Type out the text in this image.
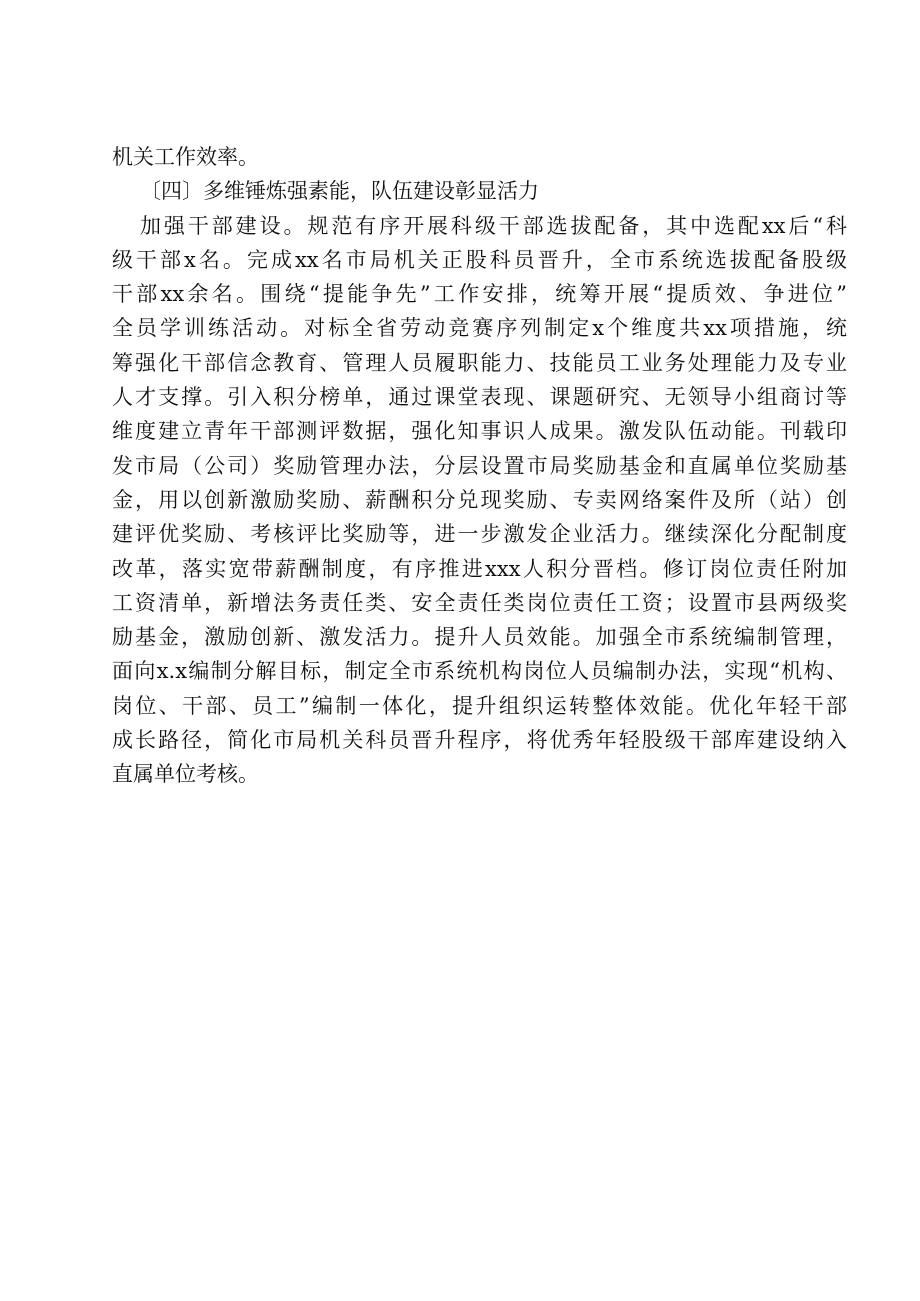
机关工作效率。
〔四〕多维锤炼强素能，队伍建设彰显活力
加强干部建设。规范有序开展科级干部选拔配备，其中选配xx后“科
级干部x名。完成xx名市局机关正股科员晋升，全市系统选拔配备股级
干部xx余名。围绕“提能争先”工作安排，统筹开展“提质效、争进位”
全员学训练活动。对标全省劳动竞赛序列制定x个维度共xx项措施，统
筹强化干部信念教育、管理人员履职能力、技能员工业务处理能力及专业
人才支撑。引入积分榜单，通过课堂表现、课题研究、无领导小组商讨等
维度建立青年干部测评数据，强化知事识人成果。激发队伍动能。刊载印
发市局（公司）奖励管理办法，分层设置市局奖励基金和直属单位奖励基
金，用以创新激励奖励、薪酬积分兑现奖励、专卖网络案件及所（站）创
建评优奖励、考核评比奖励等，进一步激发企业活力。继续深化分配制度
改革，落实宽带薪酬制度，有序推进xxx人积分晋档。修订岗位责任附加
工资清单，新增法务责任类、安全责任类岗位责任工资；设置市县两级奖
励基金，激励创新、激发活力。提升人员效能。加强全市系统编制管理，
面向x.x编制分解目标，制定全市系统机构岗位人员编制办法，实现“机构、
岗位、干部、员工”编制一体化，提升组织运转整体效能。优化年轻干部
成长路径，简化市局机关科员晋升程序，将优秀年轻股级干部库建设纳入
直属单位考核。
